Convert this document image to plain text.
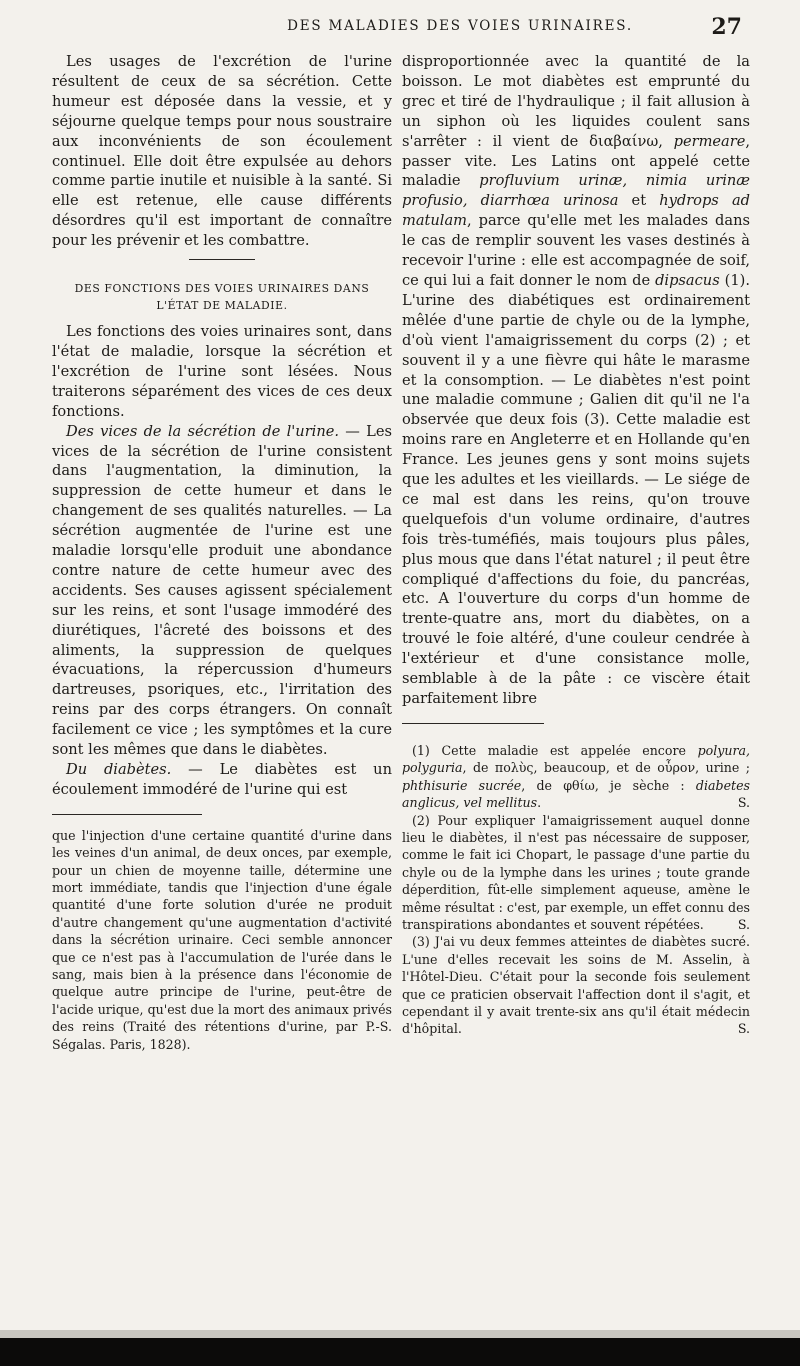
DES MALADIES DES VOIES URINAIRES.	27

Les usages de l'excrétion de l'urine résultent de ceux de sa sécrétion. Cette humeur est déposée dans la vessie, et y séjourne quelque temps pour nous soustraire aux inconvénients de son écoulement continuel. Elle doit être expulsée au dehors comme partie inutile et nuisible à la santé. Si elle est retenue, elle cause différents désordres qu'il est important de connaître pour les prévenir et les combattre.

DES FONCTIONS DES VOIES URINAIRES DANS

L'ÉTAT DE MALADIE.

Les fonctions des voies urinaires sont, dans l'état de maladie, lorsque la sécrétion et l'excrétion de l'urine sont lésées. Nous traiterons séparément des vices de ces deux fonctions.

Des vices de la sécrétion de l'urine. — Les vices de la sécrétion de l'urine consistent dans l'augmentation, la diminution, la suppression de cette humeur et dans le changement de ses qualités naturelles. — La sécrétion augmentée de l'urine est une maladie lorsqu'elle produit une abondance contre nature de cette humeur avec des accidents. Ses causes agissent spécialement sur les reins, et sont l'usage immodéré des diurétiques, l'âcreté des boissons et des aliments, la suppression de quelques évacuations, la répercussion d'humeurs dartreuses, psoriques, etc., l'irritation des reins par des corps étrangers. On connaît facilement ce vice ; les symptômes et la cure sont les mêmes que dans le diabètes.

Du diabètes. — Le diabètes est un écoulement immodéré de l'urine qui est

que l'injection d'une certaine quantité d'urine dans les veines d'un animal, de deux onces, par exemple, pour un chien de moyenne taille, détermine une mort immédiate, tandis que l'injection d'une égale quantité d'une forte solution d'urée ne produit d'autre changement qu'une augmentation d'activité dans la sécrétion urinaire. Ceci semble annoncer que ce n'est pas à l'accumulation de l'urée dans le sang, mais bien à la présence dans l'économie de quelque autre principe de l'urine, peut-être de l'acide urique, qu'est due la mort des animaux privés des reins (Traité des rétentions d'urine, par P.-S. Ségalas. Paris, 1828).

disproportionnée avec la quantité de la boisson. Le mot diabètes est emprunté du grec et tiré de l'hydraulique ; il fait allusion à un siphon où les liquides coulent sans s'arrêter : il vient de διαβαίνω, permeare, passer vite. Les Latins ont appelé cette maladie profluvium urinæ, nimia urinæ profusio, diarrhœa urinosa et hydrops ad matulam, parce qu'elle met les malades dans le cas de remplir souvent les vases destinés à recevoir l'urine : elle est accompagnée de soif, ce qui lui a fait donner le nom de dipsacus (1). L'urine des diabétiques est ordinairement mêlée d'une partie de chyle ou de la lymphe, d'où vient l'amaigrissement du corps (2) ; et souvent il y a une fièvre qui hâte le marasme et la consomption. — Le diabètes n'est point une maladie commune ; Galien dit qu'il ne l'a observée que deux fois (3). Cette maladie est moins rare en Angleterre et en Hollande qu'en France. Les jeunes gens y sont moins sujets que les adultes et les vieillards. — Le siége de ce mal est dans les reins, qu'on trouve quelquefois d'un volume ordinaire, d'autres fois très-tuméfiés, mais toujours plus pâles, plus mous que dans l'état naturel ; il peut être compliqué d'affections du foie, du pancréas, etc. A l'ouverture du corps d'un homme de trente-quatre ans, mort du diabètes, on a trouvé le foie altéré, d'une couleur cendrée à l'extérieur et d'une consistance molle, semblable à de la pâte : ce viscère était parfaitement libre

(1) Cette maladie est appelée encore polyura, polyguria, de πολὺς, beaucoup, et de οὖρον, urine ; phthisurie sucrée, de φθίω, je sèche : diabetes anglicus, vel mellitus.	S.

(2) Pour expliquer l'amaigrissement auquel donne lieu le diabètes, il n'est pas nécessaire de supposer, comme le fait ici Chopart, le passage d'une partie du chyle ou de la lymphe dans les urines ; toute grande déperdition, fût-elle simplement aqueuse, amène le même résultat : c'est, par exemple, un effet connu des transpirations abondantes et souvent répétées.	S.

(3) J'ai vu deux femmes atteintes de diabètes sucré. L'une d'elles recevait les soins de M. Asselin, à l'Hôtel-Dieu. C'était pour la seconde fois seulement que ce praticien observait l'affection dont il s'agit, et cependant il y avait trente-six ans qu'il était médecin d'hôpital.	S.
